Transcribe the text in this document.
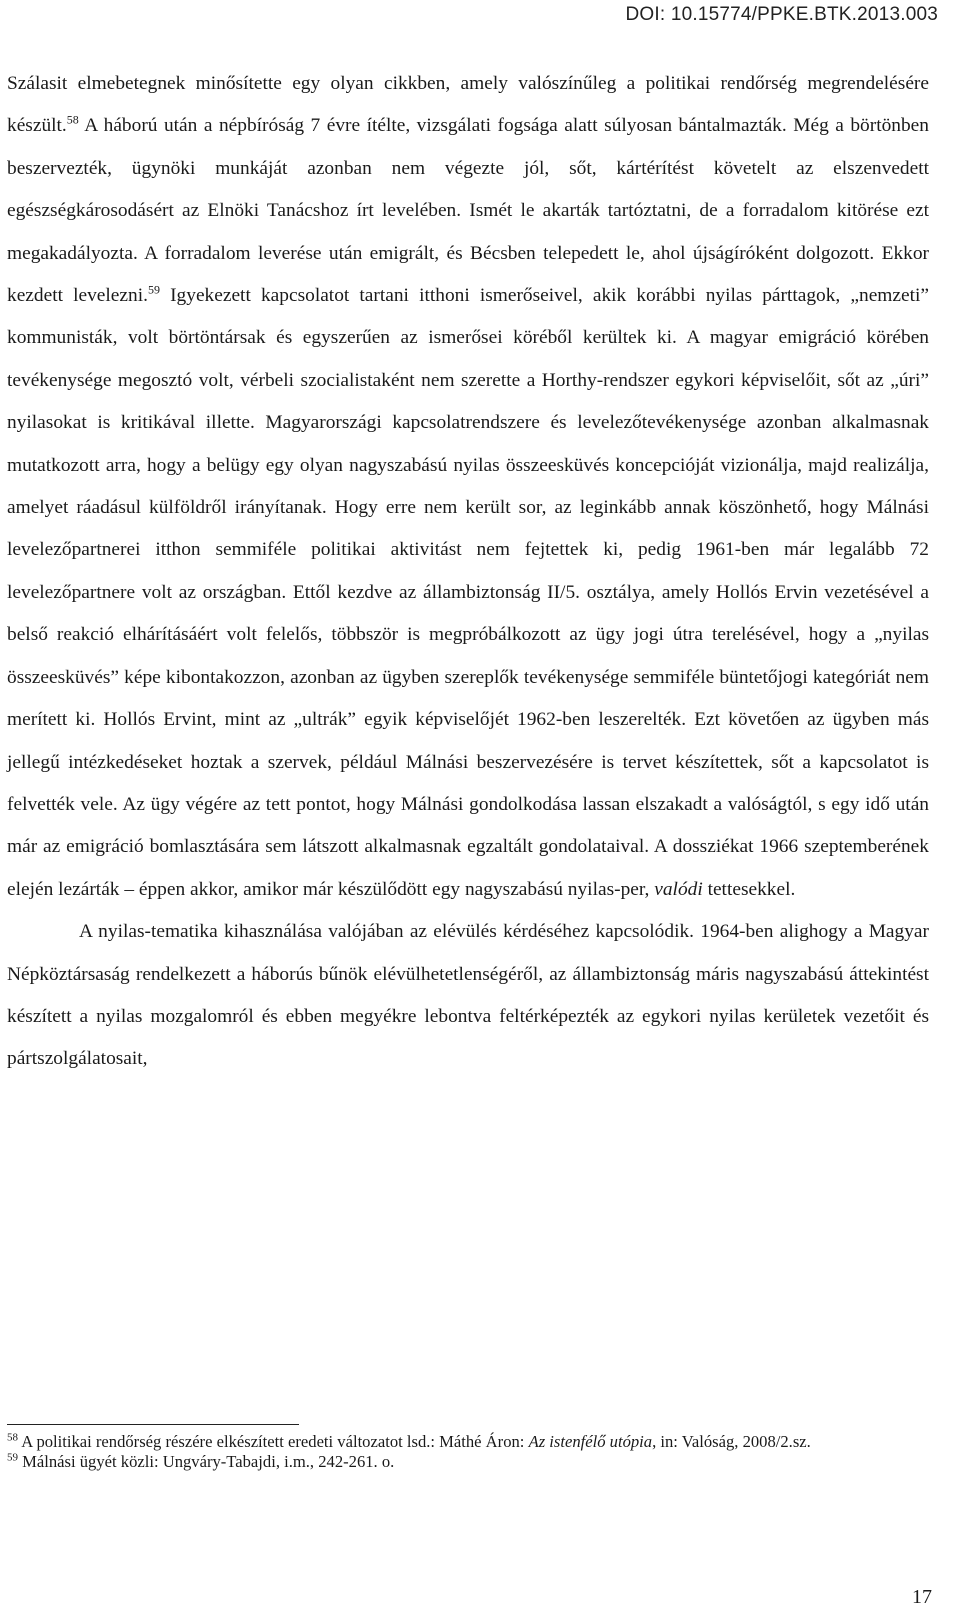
DOI: 10.15774/PPKE.BTK.2013.003

Szálasit elmebetegnek minősítette egy olyan cikkben, amely valószínűleg a politikai rendőrség megrendelésére készült.$^{58}$ A háború után a népbíróság 7 évre ítélte, vizsgálati fogsága alatt súlyosan bántalmazták. Még a börtönben beszervezték, ügynöki munkáját azonban nem végezte jól, sőt, kártérítést követelt az elszenvedett egészségkárosodásért az Elnöki Tanácshoz írt levelében. Ismét le akarták tartóztatni, de a forradalom kitörése ezt megakadályozta. A forradalom leverése után emigrált, és Bécsben telepedett le, ahol újságíróként dolgozott. Ekkor kezdett levelezni.$^{59}$ Igyekezett kapcsolatot tartani itthoni ismerőseivel, akik korábbi nyilas párttagok, „nemzeti” kommunisták, volt börtöntársak és egyszerűen az ismerősei köréből kerültek ki. A magyar emigráció körében tevékenysége megosztó volt, vérbeli szocialistaként nem szerette a Horthy-rendszer egykori képviselőit, sőt az „úri” nyilasokat is kritikával illette. Magyarországi kapcsolatrendszere és levelezőtevékenysége azonban alkalmasnak mutatkozott arra, hogy a belügy egy olyan nagyszabású nyilas összeesküvés koncepcióját vizionálja, majd realizálja, amelyet ráadásul külföldről irányítanak. Hogy erre nem került sor, az leginkább annak köszönhető, hogy Málnási levelezőpartnerei itthon semmiféle politikai aktivitást nem fejtettek ki, pedig 1961-ben már legalább 72 levelezőpartnere volt az országban. Ettől kezdve az állambiztonság II/5. osztálya, amely Hollós Ervin vezetésével a belső reakció elhárításáért volt felelős, többször is megpróbálkozott az ügy jogi útra terelésével, hogy a „nyilas összeesküvés” képe kibontakozzon, azonban az ügyben szereplők tevékenysége semmiféle büntetőjogi kategóriát nem merített ki. Hollós Ervint, mint az „ultrák” egyik képviselőjét 1962-ben leszerelték. Ezt követően az ügyben más jellegű intézkedéseket hoztak a szervek, például Málnási beszervezésére is tervet készítettek, sőt a kapcsolatot is felvették vele. Az ügy végére az tett pontot, hogy Málnási gondolkodása lassan elszakadt a valóságtól, s egy idő után már az emigráció bomlasztására sem látszott alkalmasnak egzaltált gondolataival. A dossziékat 1966 szeptemberének elején lezárták – éppen akkor, amikor már készülődött egy nagyszabású nyilas-per, valódi tettesekkel.

A nyilas-tematika kihasználása valójában az elévülés kérdéséhez kapcsolódik. 1964-ben alighogy a Magyar Népköztársaság rendelkezett a háborús bűnök elévülhetetlenségéről, az állambiztonság máris nagyszabású áttekintést készített a nyilas mozgalomról és ebben megyékre lebontva feltérképezték az egykori nyilas kerületek vezetőit és pártszolgálatosait,

$^{58}$ A politikai rendőrség részére elkészített eredeti változatot lsd.: Máthé Áron: Az istenfélő utópia, in: Valóság, 2008/2.sz.

$^{59}$ Málnási ügyét közli: Ungváry-Tabajdi, i.m., 242-261. o.

17
